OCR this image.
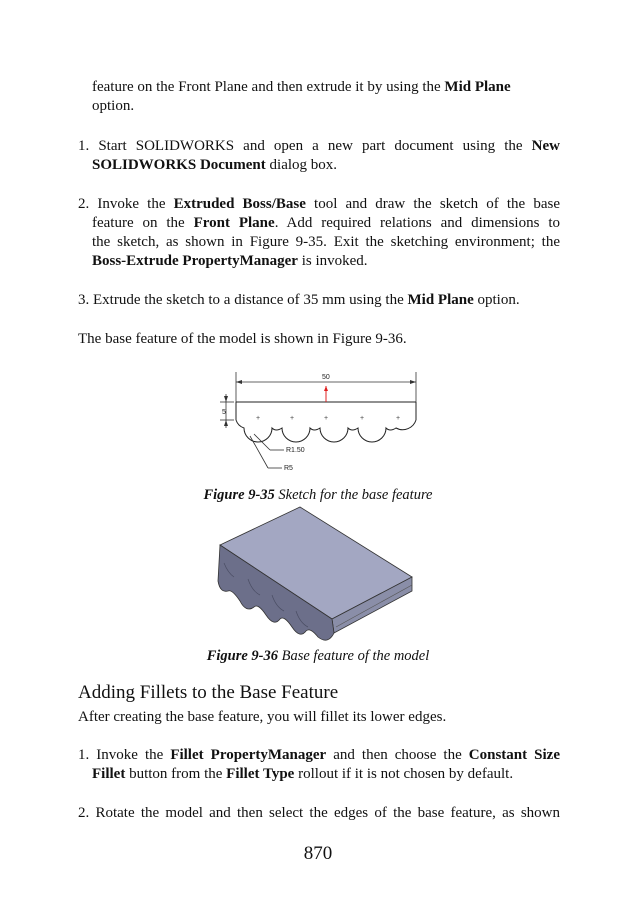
feature on the Front Plane and then extrude it by using the Mid Plane
option.
1. Start SOLIDWORKS and open a new part document using the New
SOLIDWORKS Document dialog box.
2. Invoke the Extruded Boss/Base tool and draw the sketch of the base
feature on the Front Plane. Add required relations and dimensions to
the sketch, as shown in Figure 9-35. Exit the sketching environment; the
Boss-Extrude PropertyManager is invoked.
3. Extrude the sketch to a distance of 35 mm using the Mid Plane option.
The base feature of the model is shown in Figure 9-36.
+	+	+	+	+
50
5
R1.50
R5
Figure 9-35 Sketch for the base feature
Figure 9-36 Base feature of the model
Adding Fillets to the Base Feature
After creating the base feature, you will fillet its lower edges.
1. Invoke the Fillet PropertyManager and then choose the Constant Size
Fillet button from the Fillet Type rollout if it is not chosen by default.
2. Rotate the model and then select the edges of the base feature, as shown
870
